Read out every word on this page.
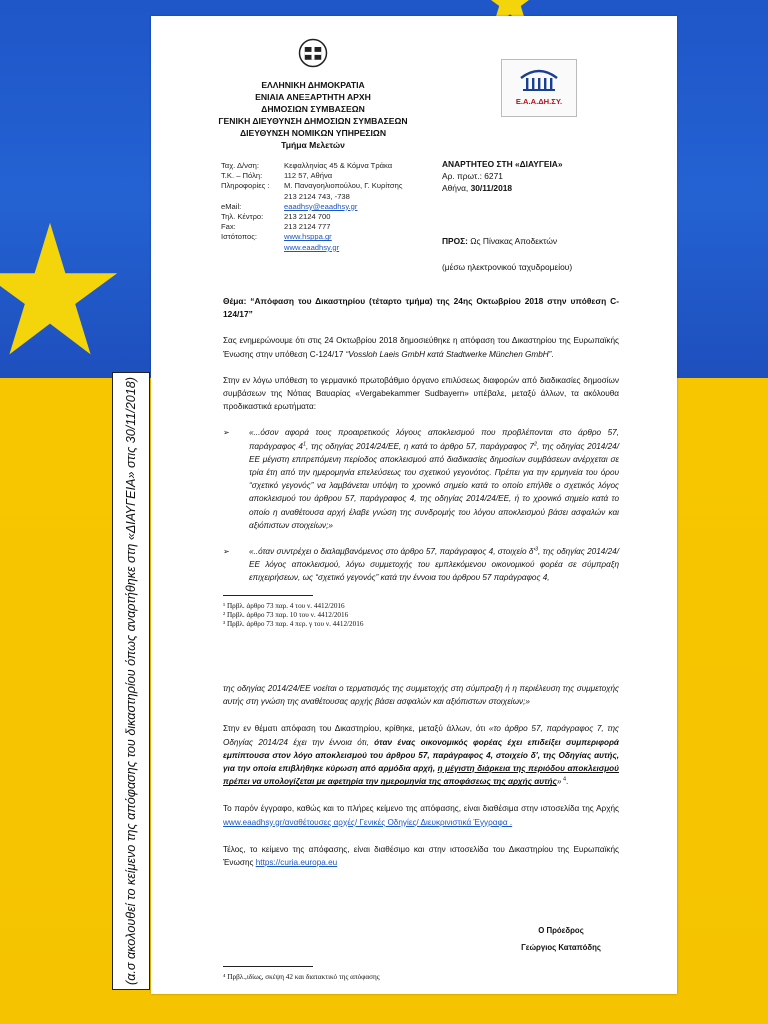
(α.σ ακολουθεί το κείμενο της απόφασης του δικαστηρίου όπως αναρτήθηκε στη «ΔΙΑΥΓΕΙΑ» στις 30/11/2018)
ΕΛΛΗΝΙΚΗ ΔΗΜΟΚΡΑΤΙΑ
ΕΝΙΑΙΑ ΑΝΕΞΑΡΤΗΤΗ ΑΡΧΗ
ΔΗΜΟΣΙΩΝ ΣΥΜΒΑΣΕΩΝ
ΓΕΝΙΚΗ ΔΙΕΥΘΥΝΣΗ ΔΗΜΟΣΙΩΝ ΣΥΜΒΑΣΕΩΝ
ΔΙΕΥΘΥΝΣΗ ΝΟΜΙΚΩΝ ΥΠΗΡΕΣΙΩΝ
Τμήμα Μελετών
Ε.Α.Α.ΔΗ.ΣΥ.
Ταχ. Δ/νση:	Κεφαλληνίας 45 & Κόμνα Τράκα
Τ.Κ. – Πόλη:	112 57, Αθήνα
Πληροφορίες :	Μ. Παναγοηλιοπούλου, Γ. Κυρίτσης
213 2124 743, -738
eMail:	eaadhsy@eaadhsy.gr
Τηλ. Κέντρο:	213 2124 700
Fax:	213 2124 777
Ιστότοπος:	www.hsppa.gr
www.eaadhsy.gr
ΑΝΑΡΤΗΤΕΟ ΣΤΗ «ΔΙΑΥΓΕΙΑ»
Αρ. πρωτ.: 6271
Αθήνα, 30/11/2018
ΠΡΟΣ: Ως Πίνακας Αποδεκτών
(μέσω ηλεκτρονικού ταχυδρομείου)

Θέμα: “Απόφαση του Δικαστηρίου (τέταρτο τμήμα) της 24ης Οκτωβρίου 2018 στην υπόθεση C-124/17”

Σας ενημερώνουμε ότι στις 24 Οκτωβρίου 2018 δημοσιεύθηκε η απόφαση του Δικαστηρίου της Ευρωπαϊκής Ένωσης στην υπόθεση C-124/17 “Vossloh Laeis GmbH κατά Stadtwerke München GmbH”.

Στην εν λόγω υπόθεση το γερμανικό πρωτοβάθμιο όργανο επιλύσεως διαφορών από διαδικασίες δημοσίων συμβάσεων της Νότιας Βαυαρίας «Vergabekammer Sudbayern» υπέβαλε, μεταξύ άλλων, τα ακόλουθα προδικαστικά ερωτήματα:

➢	«...όσον αφορά τους προαιρετικούς λόγους αποκλεισμού που προβλέπονται στο άρθρο 57, παράγραφος $4^1$, της οδηγίας 2014/24/ΕΕ, η κατά το άρθρο 57, παράγραφος $7^2$, της οδηγίας 2014/24/ΕΕ μέγιστη επιτρεπόμενη περίοδος αποκλεισμού από διαδικασίες δημοσίων συμβάσεων ανέρχεται σε τρία έτη από την ημερομηνία επελεύσεως του σχετικού γεγονότος. Πρέπει για την ερμηνεία του όρου “σχετικό γεγονός” να λαμβάνεται υπόψη το χρονικό σημείο κατά το οποίο επήλθε ο σχετικός λόγος αποκλεισμού του άρθρου 57, παράγραφος 4, της οδηγίας 2014/24/ΕΕ, ή το χρονικό σημείο κατά το οποίο η αναθέτουσα αρχή έλαβε γνώση της συνδρομής του λόγου αποκλεισμού βάσει ασφαλών και αξιόπιστων στοιχείων;»
➢	«..όταν συντρέχει ο διαλαμβανόμενος στο άρθρο 57, παράγραφος 4, στοιχείο $\delta'^3$, της οδηγίας 2014/24/ΕΕ λόγος αποκλεισμού, λόγω συμμετοχής του εμπλεκόμενου οικονομικού φορέα σε σύμπραξη επιχειρήσεων, ως “σχετικό γεγονός” κατά την έννοια του άρθρου 57 παράγραφος 4,
¹ Πρβλ. άρθρο 73 παρ. 4 του ν. 4412/2016
² Πρβλ. άρθρο 73 παρ. 10 του ν. 4412/2016
³ Πρβλ. άρθρο 73 παρ. 4 περ. γ του ν. 4412/2016

της οδηγίας 2014/24/ΕΕ νοείται ο τερματισμός της συμμετοχής στη σύμπραξη ή η περιέλευση της συμμετοχής αυτής στη γνώση της αναθέτουσας αρχής βάσει ασφαλών και αξιόπιστων στοιχείων;»

Στην εν θέματι απόφαση του Δικαστηρίου, κρίθηκε, μεταξύ άλλων, ότι «το άρθρο 57, παράγραφος 7, της Οδηγίας 2014/24 έχει την έννοια ότι, όταν ένας οικονομικός φορέας έχει επιδείξει συμπεριφορά εμπίπτουσα στον λόγο αποκλεισμού του άρθρου 57, παράγραφος 4, στοιχείο δ', της Οδηγίας αυτής, για την οποία επιβλήθηκε κύρωση από αρμόδια αρχή, η μέγιστη διάρκεια της περιόδου αποκλεισμού πρέπει να υπολογίζεται με αφετηρία την ημερομηνία της αποφάσεως της αρχής αυτής» $^4$.

Το παρόν έγγραφο, καθώς και το πλήρες κείμενο της απόφασης, είναι διαθέσιμα στην ιστοσελίδα της Αρχής www.eaadhsy.gr/αναθέτουσες αρχές/ Γενικές Οδηγίες/ Διευκρινιστικά Έγγραφα .

Τέλος, το κείμενο της απόφασης, είναι διαθέσιμο και στην ιστοσελίδα του Δικαστηρίου της Ευρωπαϊκής Ένωσης https://curia.europa.eu

Ο Πρόεδρος
Γεώργιος Καταπόδης
⁴ Πρβλ.,ιδίως, σκέψη 42 και διατακτικό της απόφασης
